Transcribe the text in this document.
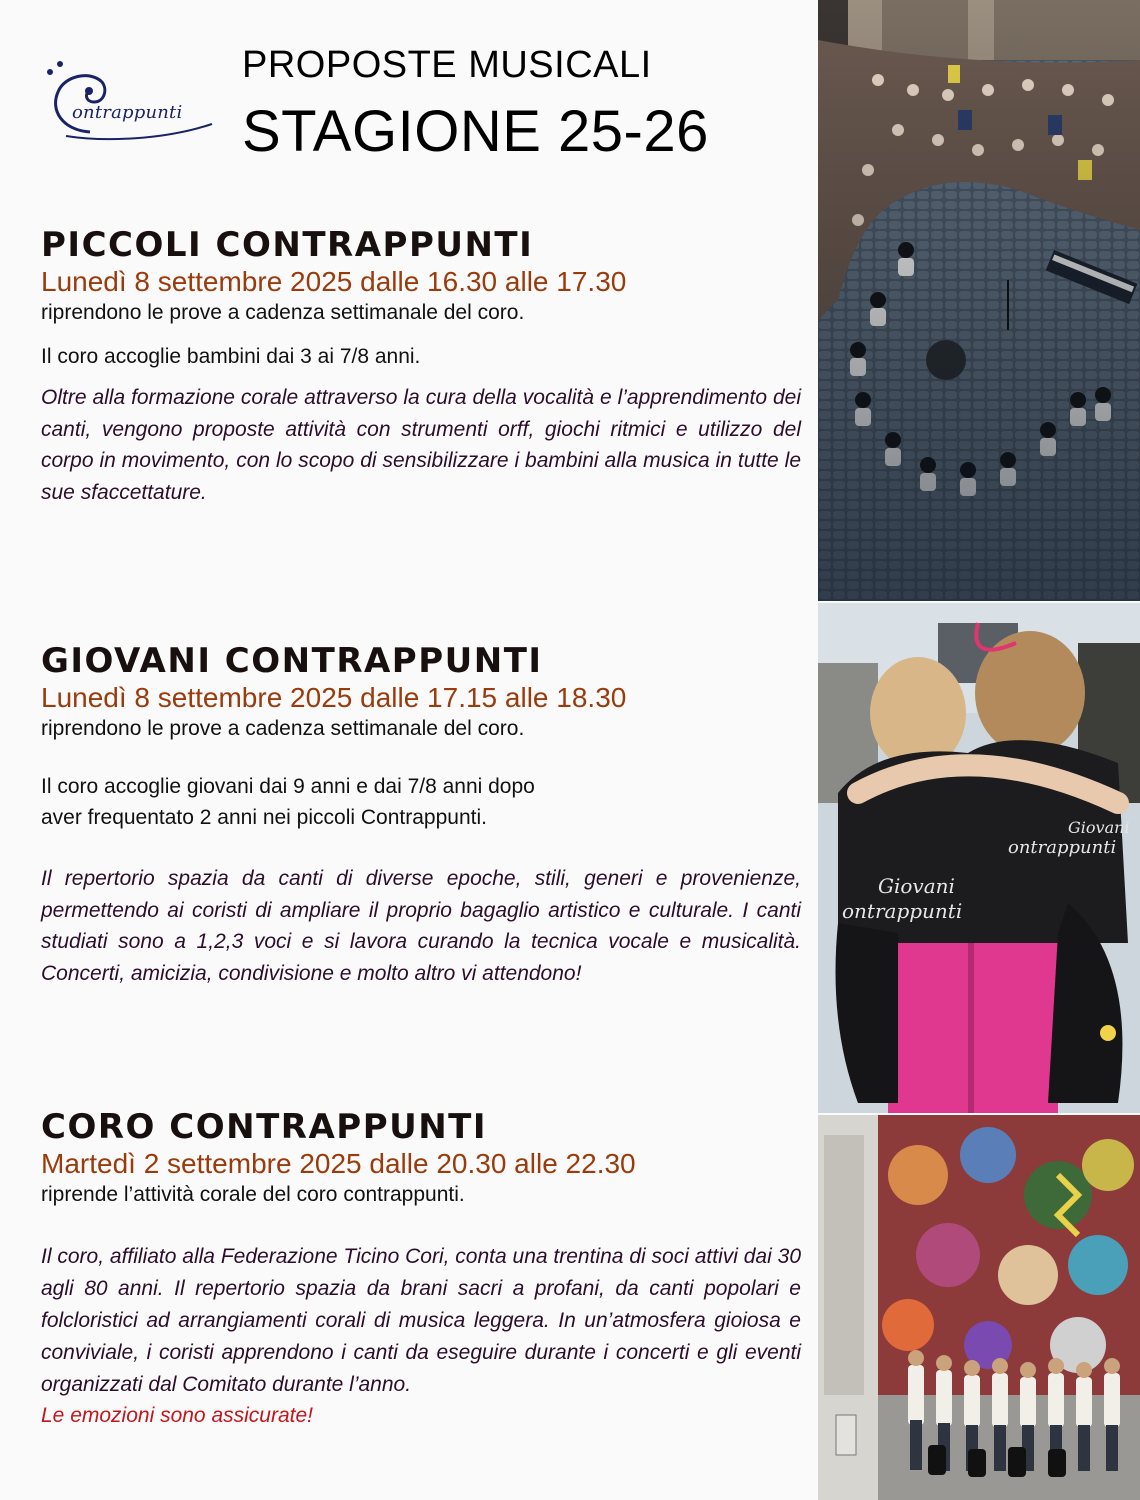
ontrappunti
PROPOSTE MUSICALI
STAGIONE 25-26
PICCOLI CONTRAPPUNTI
Lunedì 8 settembre 2025 dalle 16.30 alle 17.30
riprendono le prove a cadenza settimanale del coro.
Il coro accoglie bambini dai 3 ai 7/8 anni.
Oltre alla formazione corale attraverso la cura della vocalità e l’apprendimento dei canti, vengono proposte attività con strumenti orff, giochi ritmici e utilizzo del corpo in movimento, con lo scopo di sensibilizzare i bambini alla musica in tutte le sue sfaccettature.
GIOVANI CONTRAPPUNTI
Lunedì 8 settembre 2025 dalle 17.15 alle 18.30
riprendono le prove a cadenza settimanale del coro.
Il coro accoglie giovani dai 9 anni e dai 7/8 anni dopo
aver frequentato 2 anni nei piccoli Contrappunti.
Il repertorio spazia da canti di diverse epoche, stili, generi e provenienze, permettendo ai coristi di ampliare il proprio bagaglio artistico e culturale. I canti studiati sono a 1,2,3 voci e si lavora curando la tecnica vocale e musicalità. Concerti, amicizia, condivisione e molto altro vi attendono!
CORO CONTRAPPUNTI
Martedì 2 settembre 2025 dalle 20.30 alle 22.30
riprende l’attività corale del coro contrappunti.
Il coro, affiliato alla Federazione Ticino Cori, conta una trentina di soci attivi dai 30 agli 80 anni. Il repertorio spazia da brani sacri a profani, da canti popolari e folcloristici ad arrangiamenti corali di musica leggera. In un’atmosfera gioiosa e conviviale, i coristi apprendono i canti da eseguire durante i concerti e gli eventi organizzati dal Comitato durante l’anno.
Le emozioni sono assicurate!
Giovani
ontrappunti
Giovani
ontrappunti
